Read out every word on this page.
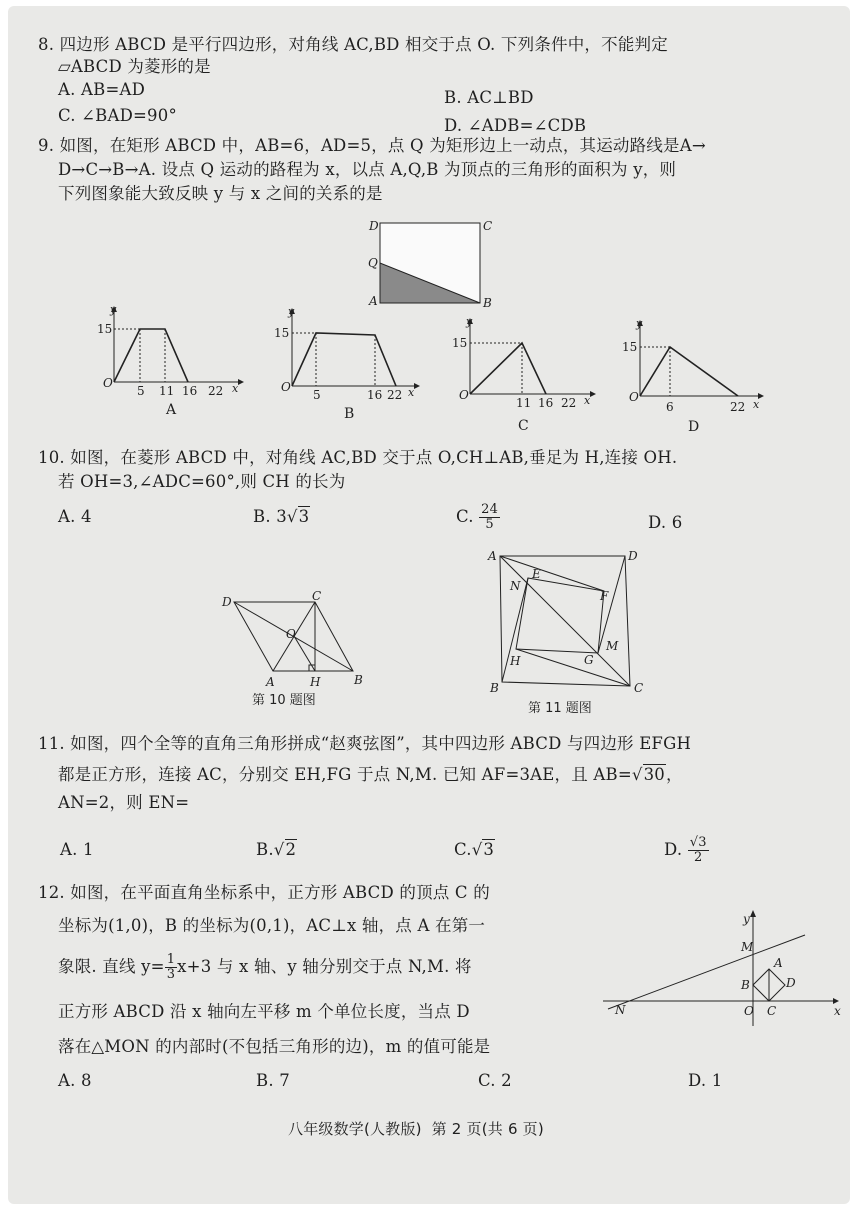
8. 四边形 ABCD 是平行四边形，对角线 AC,BD 相交于点 O. 下列条件中，不能判定
▱ABCD 为菱形的是
A. AB=AD	B. AC⊥BD
C. ∠BAD=90°
D. ∠ADB=∠CDB
9. 如图，在矩形 ABCD 中，AB=6，AD=5，点 Q 为矩形边上一动点，其运动路线是A→
D→C→B→A. 设点 Q 运动的路程为 x，以点 A,Q,B 为顶点的三角形的面积为 y，则
下列图象能大致反映 y 与 x 之间的关系的是
D	C
Q
A	B
y
x
O
15
5 11 16 22
A
y
x
O
15
5	16 22
B
y
x
O
15
11 16 22
C
y
x
O
15
6	22
D
10. 如图，在菱形 ABCD 中，对角线 AC,BD 交于点 O,CH⊥AB,垂足为 H,连接 OH.
若 OH=3,∠ADC=60°,则 CH 的长为
A. 4	B. 3√3	C. $\frac{24}{5}$	D. 6
D	C
O
A	H	B
第 10 题图
A	D
E
N
F
M
G
H
B	C
第 11 题图
11. 如图，四个全等的直角三角形拼成“赵爽弦图”，其中四边形 ABCD 与四边形 EFGH
都是正方形，连接 AC，分别交 EH,FG 于点 N,M. 已知 AF=3AE，且 AB=√30，
AN=2，则 EN=
A. 1	B.√2	C.√3	D. $\frac{√3}{2}$
12. 如图，在平面直角坐标系中，正方形 ABCD 的顶点 C 的
坐标为(1,0)，B 的坐标为(0,1)，AC⊥x 轴，点 A 在第一
象限. 直线 $y= \frac{1}{3} x+3$ 与 x 轴、y 轴分别交于点 N,M. 将
正方形 ABCD 沿 x 轴向左平移 m 个单位长度，当点 D
落在△MON 的内部时(不包括三角形的边)，m 的值可能是
A. 8	B. 7	C. 2	D. 1
y
x
M
A
B	D
N	O C
八年级数学(人教版)  第 2 页(共 6 页)
